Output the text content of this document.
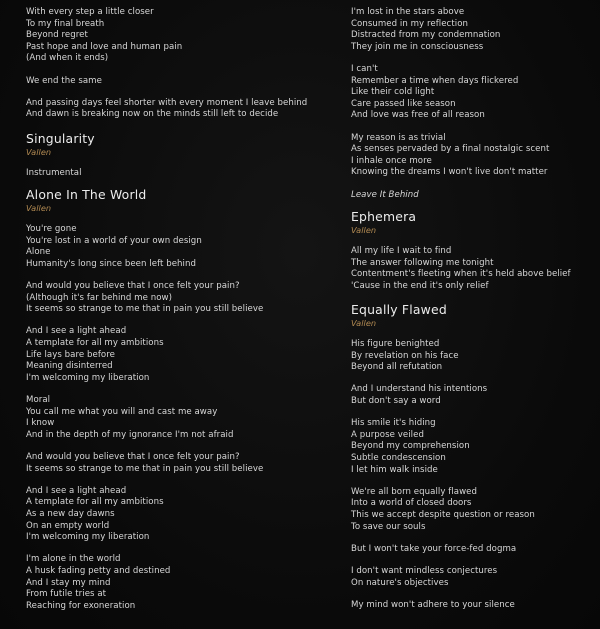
With every step a little closer
To my final breath
Beyond regret
Past hope and love and human pain
(And when it ends)
We end the same
And passing days feel shorter with every moment I leave behind
And dawn is breaking now on the minds still left to decide
Singularity
Vallen
Instrumental
Alone In The World
Vallen
You're gone
You're lost in a world of your own design
Alone
Humanity's long since been left behind
And would you believe that I once felt your pain?
(Although it's far behind me now)
It seems so strange to me that in pain you still believe
And I see a light ahead
A template for all my ambitions
Life lays bare before
Meaning disinterred
I'm welcoming my liberation
Moral
You call me what you will and cast me away
I know
And in the depth of my ignorance I'm not afraid
And would you believe that I once felt your pain?
It seems so strange to me that in pain you still believe
And I see a light ahead
A template for all my ambitions
As a new day dawns
On an empty world
I'm welcoming my liberation
I'm alone in the world
A husk fading petty and destined
And I stay my mind
From futile tries at
Reaching for exoneration
I'm lost in the stars above
Consumed in my reflection
Distracted from my condemnation
They join me in consciousness
I can't
Remember a time when days flickered
Like their cold light
Care passed like season
And love was free of all reason
My reason is as trivial
As senses pervaded by a final nostalgic scent
I inhale once more
Knowing the dreams I won't live don't matter
Leave It Behind
Ephemera
Vallen
All my life I wait to find
The answer following me tonight
Contentment's fleeting when it's held above belief
'Cause in the end it's only relief
Equally Flawed
Vallen
His figure benighted
By revelation on his face
Beyond all refutation
And I understand his intentions
But don't say a word
His smile it's hiding
A purpose veiled
Beyond my comprehension
Subtle condescension
I let him walk inside
We're all born equally flawed
Into a world of closed doors
This we accept despite question or reason
To save our souls
But I won't take your force-fed dogma
I don't want mindless conjectures
On nature's objectives
My mind won't adhere to your silence
